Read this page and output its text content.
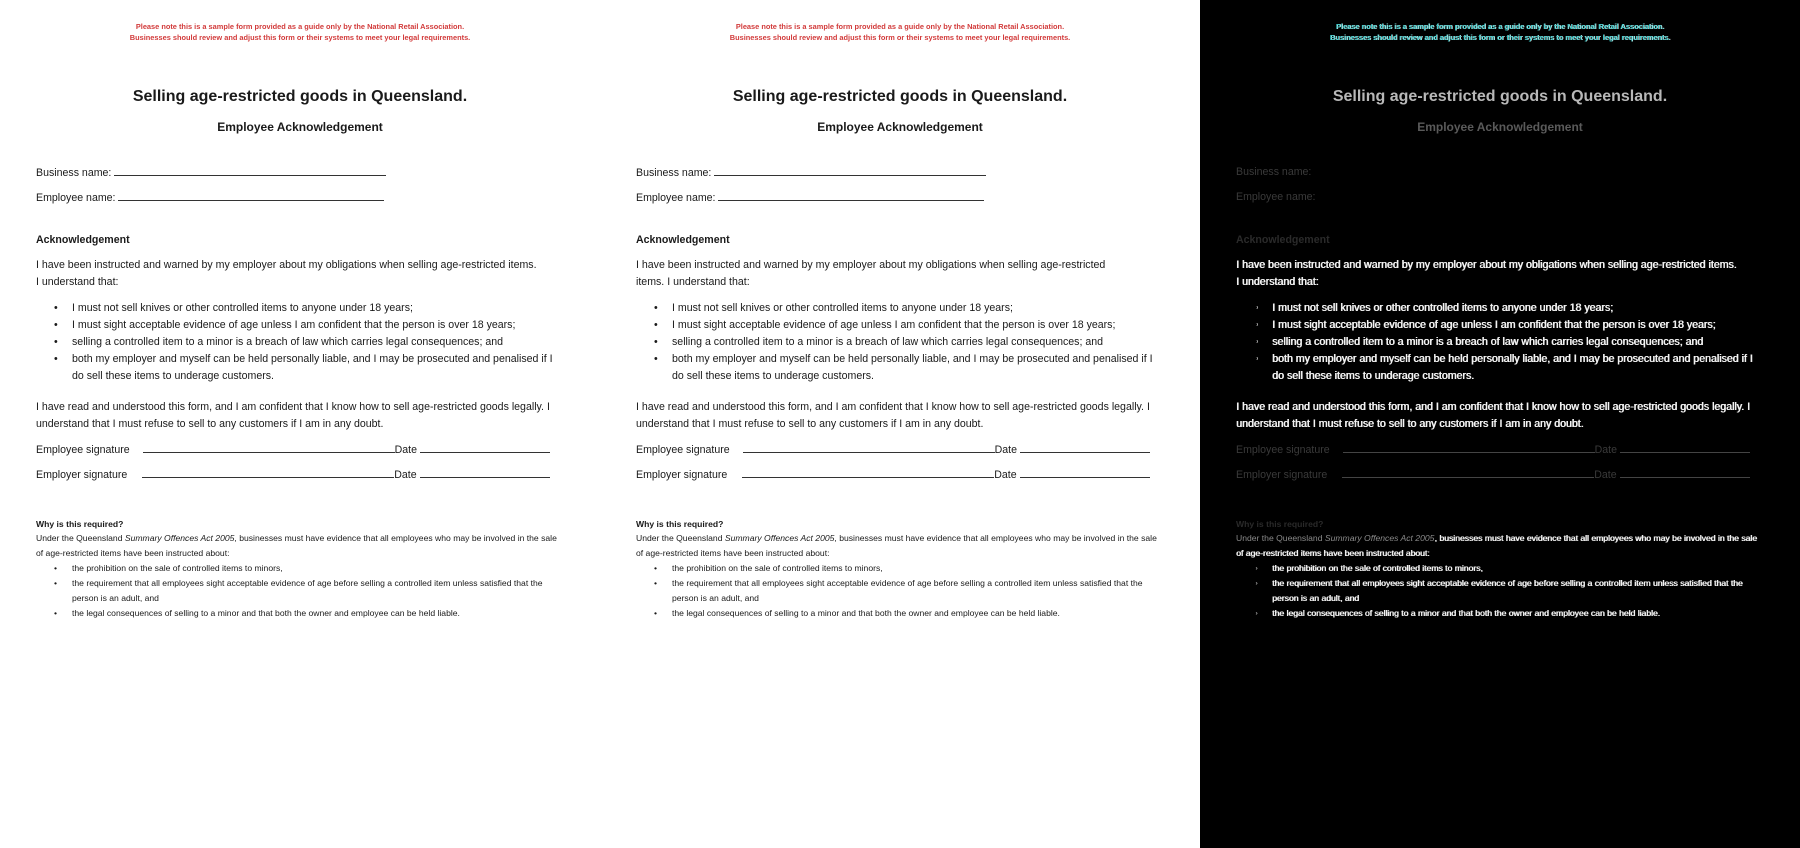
Please note this is a sample form provided as a guide only by the National Retail Association.
Businesses should review and adjust this form or their systems to meet your legal requirements.
Selling age-restricted goods in Queensland.
Employee Acknowledgement
Business name:
Employee name:
Acknowledgement
I have been instructed and warned by my employer about my obligations when selling age-restricted items.
I understand that:
• I must not sell knives or other controlled items to anyone under 18 years;
• I must sight acceptable evidence of age unless I am confident that the person is over 18 years;
• selling a controlled item to a minor is a breach of law which carries legal consequences; and
• both my employer and myself can be held personally liable, and I may be prosecuted and penalised if I do sell these items to underage customers.
I have read and understood this form, and I am confident that I know how to sell age-restricted goods legally. I understand that I must refuse to sell to any customers if I am in any doubt.
Employee signature	Date
Employer signature	Date
Why is this required?
Under the Queensland Summary Offences Act 2005, businesses must have evidence that all employees who may be involved in the sale of age-restricted items have been instructed about:
• the prohibition on the sale of controlled items to minors,
• the requirement that all employees sight acceptable evidence of age before selling a controlled item unless satisfied that the person is an adult, and
• the legal consequences of selling to a minor and that both the owner and employee can be held liable.
Please note this is a sample form provided as a guide only by the National Retail Association.
Businesses should review and adjust this form or their systems to meet your legal requirements.
Selling age-restricted goods in Queensland.
Employee Acknowledgement
Business name:
Employee name:
Acknowledgement
I have been instructed and warned by my employer about my obligations when selling age-restricted items. I understand that:
• I must not sell knives or other controlled items to anyone under 18 years;
• I must sight acceptable evidence of age unless I am confident that the person is over 18 years;
• selling a controlled item to a minor is a breach of law which carries legal consequences; and
• both my employer and myself can be held personally liable, and I may be prosecuted and penalised if I do sell these items to underage customers.
I have read and understood this form, and I am confident that I know how to sell age-restricted goods legally. I understand that I must refuse to sell to any customers if I am in any doubt.
Employee signature	Date
Employer signature	Date
Why is this required?
Under the Queensland Summary Offences Act 2005, businesses must have evidence that all employees who may be involved in the sale of age-restricted items have been instructed about:
• the prohibition on the sale of controlled items to minors,
• the requirement that all employees sight acceptable evidence of age before selling a controlled item unless satisfied that the person is an adult, and
• the legal consequences of selling to a minor and that both the owner and employee can be held liable.
Please note this is a sample form provided as a guide only by the National Retail Association.
Businesses should review and adjust this form or their systems to meet your legal requirements.
Selling age-restricted goods in Queensland.
Employee Acknowledgement
Business name:
Employee name:
Acknowledgement
I have been instructed and warned by my employer about my obligations when selling age-restricted items.
I understand that:
• I must not sell knives or other controlled items to anyone under 18 years;
• I must sight acceptable evidence of age unless I am confident that the person is over 18 years;
• selling a controlled item to a minor is a breach of law which carries legal consequences; and
• both my employer and myself can be held personally liable, and I may be prosecuted and penalised if I do sell these items to underage customers.
I have read and understood this form, and I am confident that I know how to sell age-restricted goods legally. I understand that I must refuse to sell to any customers if I am in any doubt.
Employee signature	Date
Employer signature	Date
Why is this required?
Under the Queensland Summary Offences Act 2005, businesses must have evidence that all employees who may be involved in the sale of age-restricted items have been instructed about:
• the prohibition on the sale of controlled items to minors,
• the requirement that all employees sight acceptable evidence of age before selling a controlled item unless satisfied that the person is an adult, and
• the legal consequences of selling to a minor and that both the owner and employee can be held liable.
